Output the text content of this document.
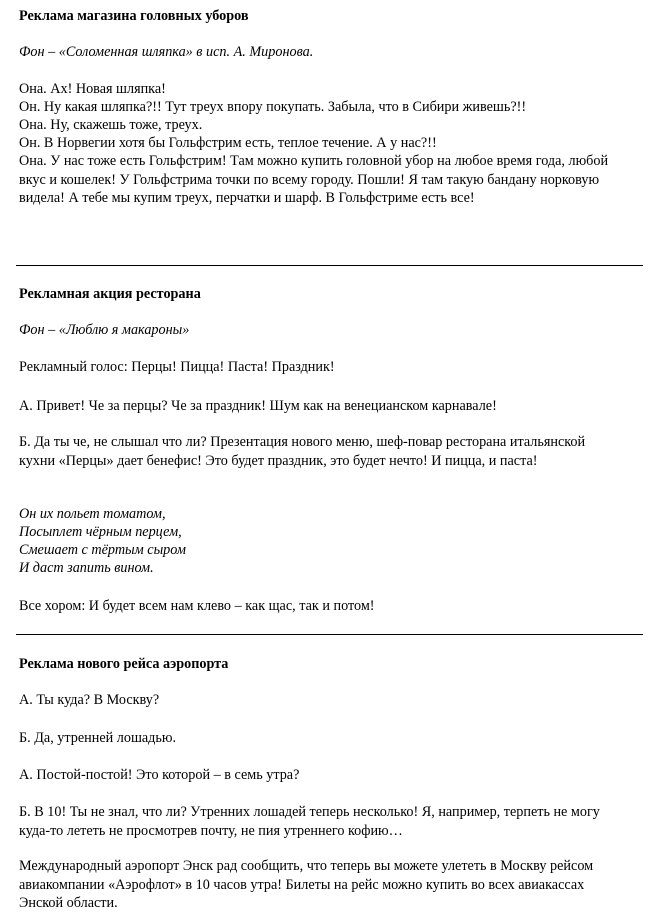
Реклама магазина головных уборов

Фон – «Соломенная шляпка» в исп. А. Миронова.

Она. Ах! Новая шляпка!

Он. Ну какая шляпка?!! Тут треух впору покупать. Забыла, что в Сибири живешь?!!

Она. Ну, скажешь тоже, треух.

Он. В Норвегии хотя бы Гольфстрим есть, теплое течение. А у нас?!!

Она. У нас тоже есть Гольфстрим! Там можно купить головной убор на любое время года, любой вкус и кошелек! У Гольфстрима точки по всему городу. Пошли! Я там такую бандану норковую видела! А тебе мы купим треух, перчатки и шарф. В Гольфстриме есть все!

Рекламная акция ресторана

Фон – «Люблю я макароны»

Рекламный голос: Перцы! Пицца! Паста! Праздник!

А. Привет! Че за перцы? Че за праздник! Шум как на венецианском карнавале!

Б. Да ты че, не слышал что ли? Презентация нового меню, шеф-повар ресторана итальянской кухни «Перцы» дает бенефис! Это будет праздник, это будет нечто! И пицца, и паста!

Он их польет томатом,

Посыплет чёрным перцем,

Смешает с тёртым сыром

И даст запить вином.

Все хором: И будет всем нам клево – как щас, так и потом!

Реклама нового рейса аэропорта

А. Ты куда? В Москву?

Б. Да, утренней лошадью.

А. Постой-постой! Это которой – в семь утра?

Б. В 10! Ты не знал, что ли? Утренних лошадей теперь несколько! Я, например, терпеть не могу куда-то лететь не просмотрев почту, не пия утреннего кофию…

Международный аэропорт Энск рад сообщить, что теперь вы можете улететь в Москву рейсом авиакомпании «Аэрофлот» в 10 часов утра! Билеты на рейс можно купить во всех авиакассах Энской области.
